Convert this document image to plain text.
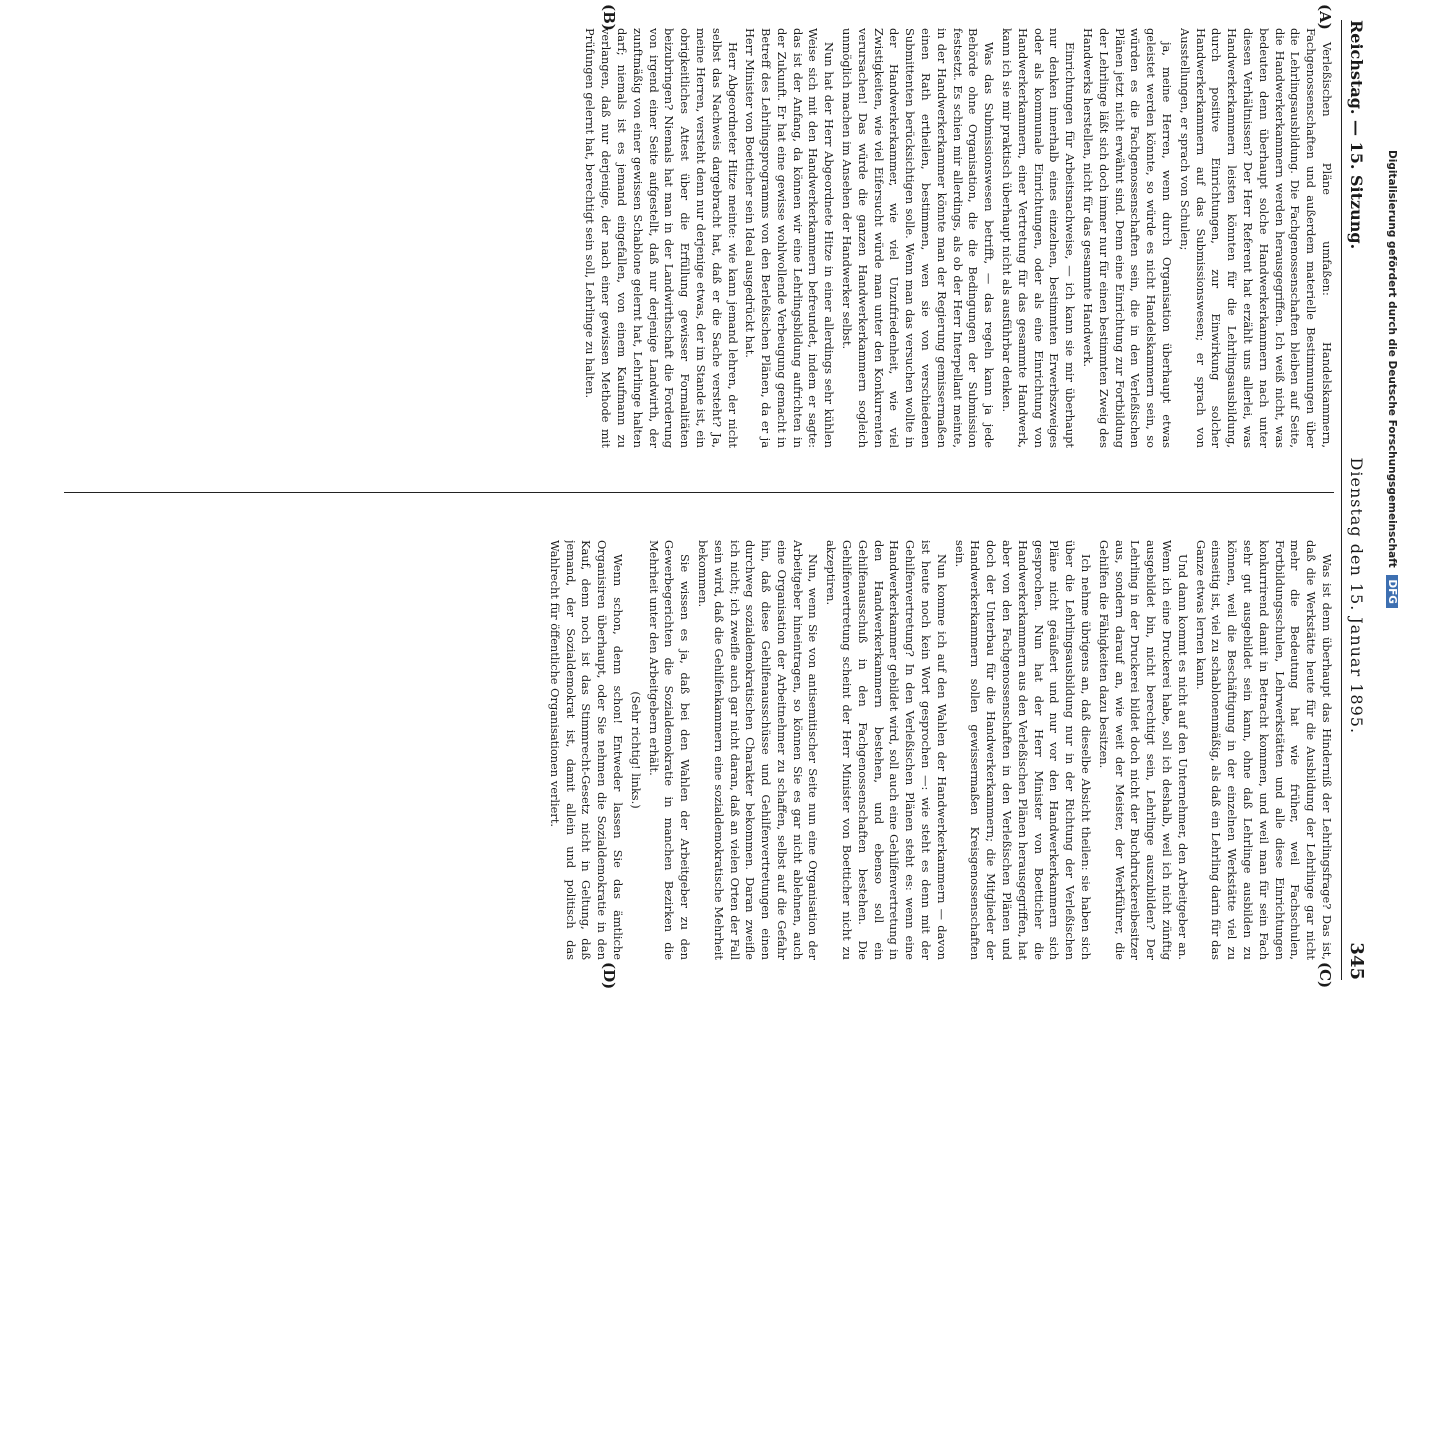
Reichstag. — 15. Sitzung.
Dienstag den 15. Januar 1895.
345
(A)
(B)
(C)
(D)

Verleßischen Pläne umfaßen: Handelskammern, Fachgenossenschaften und außerdem materielle Bestimmungen über die Lehrlingsausbildung. Die Fachgenossenschaften bleiben auf Seite, die Handwerkerkammern werden herausgegriffen. Ich weiß nicht, was bedeuten denn überhaupt solche Handwerkerkammern nach unter diesen Verhältnissen? Der Herr Referent hat erzählt uns allerlei, was Handwerkerkammern leisten könnten für die Lehrlingsausbildung, durch positive Einrichtungen, zur Einwirkung solcher Handwerkerkammern auf das Submissionswesen; er sprach von Ausstellungen, er sprach von Schulen;

ja, meine Herren, wenn durch Organisation überhaupt etwas geleistet werden könnte, so würde es nicht Handelskammern sein, so würden es die Fachgenossenschaften sein, die in den Verleßischen Plänen jetzt nicht erwähnt sind. Denn eine Einrichtung zur Fortbildung der Lehrlinge läßt sich doch immer nur für einen bestimmten Zweig des Handwerks herstellen, nicht für das gesammte Handwerk.

Einrichtungen für Arbeitsnachweise, — ich kann sie mir überhaupt nur denken innerhalb eines einzelnen, bestimmten Erwerbszweiges oder als kommunale Einrichtungen, oder als eine Einrichtung von Handwerkerkammern, einer Vertretung für das gesammte Handwerk, kann ich sie mir praktisch überhaupt nicht als ausführbar denken.

Was das Submissionswesen betrifft, — das regeln kann ja jede Behörde ohne Organisation, die die Bedingungen der Submission festsetzt. Es schien mir allerdings, als ob der Herr Interpellant meinte, in der Handwerkerkammer könnte man der Regierung gemissermaßen einen Rath ertheilen, bestimmen, wen sie von verschiedenen Submittenten berücksichtigen solle. Wenn man das versuchen wollte in der Handwerkerkammer, wie viel Unzufriedenheit, wie viel Zwistigkeiten, wie viel Eifersucht würde man unter den Konkurrenten verursachen! Das würde die ganzen Handwerkerkammern sogleich unmöglich machen im Ansehen der Handwerker selbst.

Nun hat der Herr Abgeordnete Hitze in einer allerdings sehr kühlen Weise sich mit den Handwerkerkammern befreundet, indem er sagte: das ist der Anfang, da können wir eine Lehrlingsbildung aufrichten in der Zukunft. Er hat eine gewisse wohlwollende Verbeugung gemacht in Betreff des Lehrlingsprogramms von den Berleßischen Plänen, da er ja Herr Minister von Boetticher sein Ideal ausgedrückt hat.

Herr Abgeordneter Hitze meinte: wie kann jemand lehren, der nicht selbst das Nachweis dargebracht hat, daß er die Sache versteht? Ja, meine Herren, versteht denn nur derjenige etwas, der im Stande ist, ein obrigkeitliches Attest über die Erfüllung gewisser Formalitäten beizubringen? Niemals hat man in der Landwirthschaft die Forderung von irgend einer Seite aufgestellt, daß nur derjenige Landwirth, der zunftmäßig von einer gewissen Schablone gelernt hat, Lehrlinge halten darf; niemals ist es jemand eingefallen, von einem Kaufmann zu verlangen, daß nur derjenige, der nach einer gewissen Methode mit Prüfungen gelernt hat, berechtigt sein soll, Lehrlinge zu halten.

Was ist denn überhaupt das Hinderniß der Lehrlingsfrage? Das ist, daß die Werkstätte heute für die Ausbildung der Lehrlinge gar nicht mehr die Bedeutung hat wie früher, weil Fachschulen, Fortbildungsschulen, Lehrwerkstätten und alle diese Einrichtungen konkurrirend damit in Betracht kommen, und weil man für sein Fach sehr gut ausgebildet sein kann, ohne daß Lehrlinge ausbilden zu können, weil die Beschäftigung in der einzelnen Werkstätte viel zu einseitig ist, viel zu schablonenmäßig, als daß ein Lehrling darin für das Ganze etwas lernen kann.

Und dann kommt es nicht auf den Unternehmer, den Arbeitgeber an. Wenn ich eine Druckerei habe, soll ich deshalb, weil ich nicht zünftig ausgebildet bin, nicht berechtigt sein, Lehrlinge auszubilden? Der Lehrling in der Druckerei bildet doch nicht der Buchdruckereibesitzer aus, sondern darauf an, wie weit der Meister, der Werkführer, die Gehilfen die Fähigkeiten dazu besitzen.

Ich nehme übrigens an, daß dieselbe Absicht theilen: sie haben sich über die Lehrlingsausbildung nur in der Richtung der Verleßischen Pläne nicht geäußert und nur vor den Handwerkerkammern sich gesprochen. Nun hat der Herr Minister von Boetticher die Handwerkerkammern aus den Verleßischen Plänen herausgegriffen, hat aber von den Fachgenossenschaften in den Verleßischen Plänen und doch der Unterbau für die Handwerkerkammern; die Mitglieder der Handwerkerkammern sollen gewissermaßen Kreisgenossenschaften sein.

Nun komme ich auf den Wahlen der Handwerkerkammern — davon ist heute noch kein Wort gesprochen —: wie steht es denn mit der Gehilfenvertretung? In den Verleßischen Plänen steht es: wenn eine Handwerkerkammer gebildet wird, soll auch eine Gehilfenvertretung in den Handwerkerkammern bestehen, und ebenso soll ein Gehilfenausschuß in den Fachgenossenschaften bestehen. Die Gehilfenvertretung scheint der Herr Minister von Boetticher nicht zu akzeptiren.

Nun, wenn Sie von antisemitischer Seite nun eine Organisation der Arbeitgeber hineintragen, so können Sie es gar nicht ablehnen, auch eine Organisation der Arbeitnehmer zu schaffen, selbst auf die Gefahr hin, daß diese Gehilfenausschüsse und Gehilfenvertretungen einen durchweg sozialdemokratischen Charakter bekommen. Daran zweifle ich nicht; ich zweifle auch gar nicht daran, daß an vielen Orten der Fall sein wird, daß die Gehilfenkammern eine sozialdemokratische Mehrheit bekommen.

Sie wissen es ja, daß bei den Wahlen der Arbeitgeber zu den Gewerbegerichten die Sozialdemokratie in manchen Bezirken die Mehrheit unter den Arbeitgebern erhält.

(Sehr richtig! links.)

Wenn schon, denn schon! Entweder lassen Sie das ämtliche Organisiren überhaupt, oder Sie nehmen die Sozialdemokratie in den Kauf, denn noch ist das Stimmrecht-Gesetz nicht in Geltung, daß jemand, der Sozialdemokrat ist, damit allein und politisch das Wahlrecht für öffentliche Organisationen verliert.

Digitalisierung gefördert durch die Deutsche Forschungsgemeinschaft DFG
